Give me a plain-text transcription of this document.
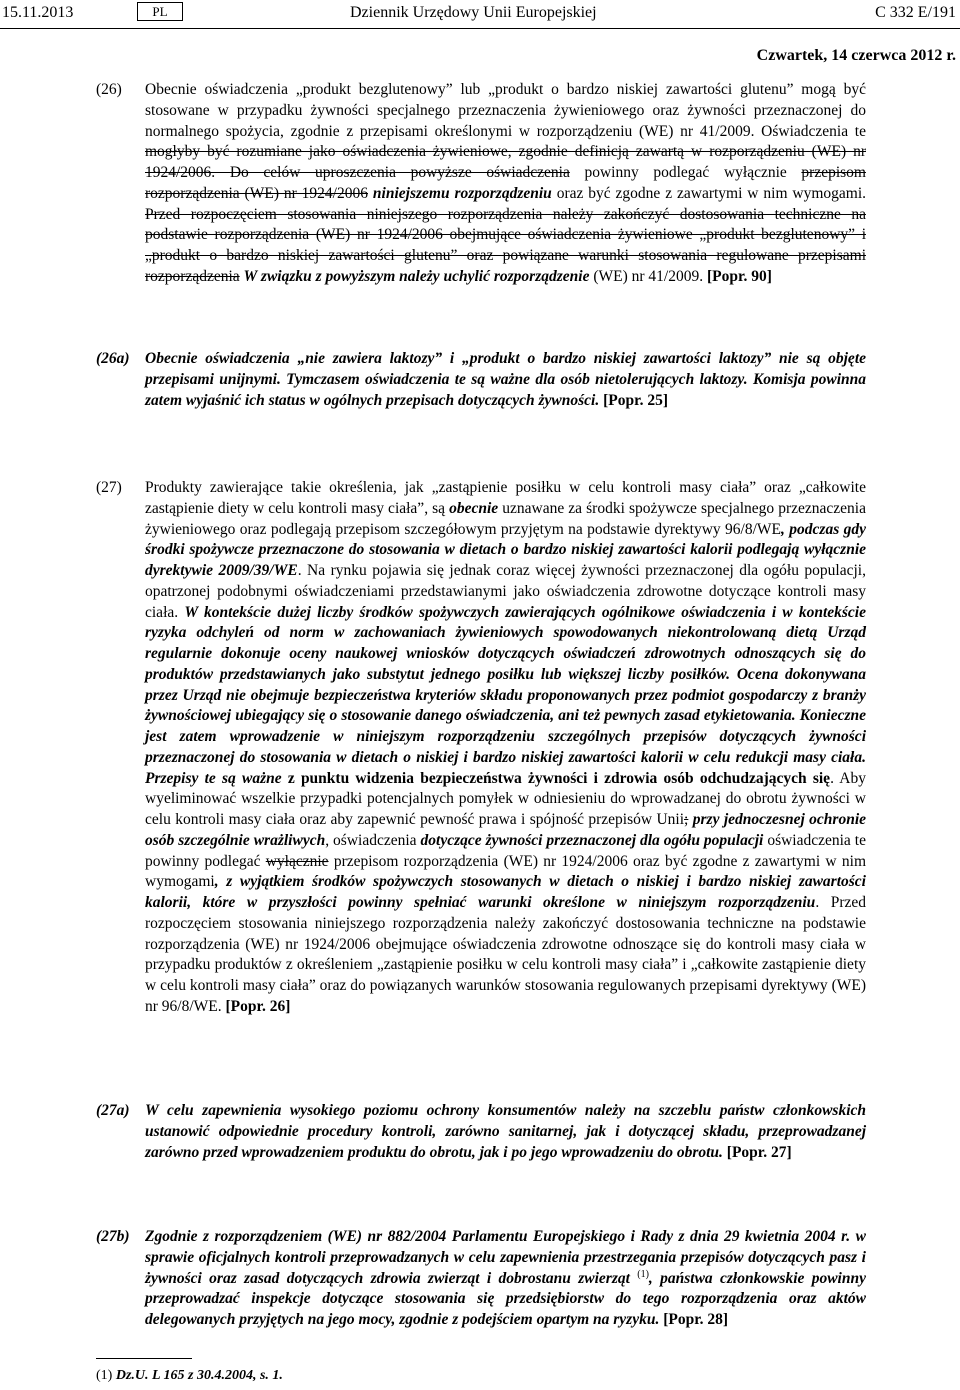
15.11.2013	PL	Dziennik Urzędowy Unii Europejskiej	C 332 E/191
Czwartek, 14 czerwca 2012 r.
(26) Obecnie oświadczenia „produkt bezglutenowy” lub „produkt o bardzo niskiej zawartości glutenu” mogą być stosowane w przypadku żywności specjalnego przeznaczenia żywieniowego oraz żywności przeznaczonej do normalnego spożycia, zgodnie z przepisami określonymi w rozporządzeniu (WE) nr 41/2009. Oświadczenia te mogłyby być rozumiane jako oświadczenia żywieniowe, zgodnie definicją zawartą w rozporządzeniu (WE) nr 1924/2006. Do celów uproszczenia powyższe oświadczenia powinny podlegać wyłącznie przepisom rozporządzenia (WE) nr 1924/2006 niniejszemu rozporządzeniu oraz być zgodne z zawartymi w nim wymogami. Przed rozpoczęciem stosowania niniejszego rozporządzenia należy zakończyć dostosowania techniczne na podstawie rozporządzenia (WE) nr 1924/2006 obejmujące oświadczenia żywieniowe „produkt bezglutenowy” i „produkt o bardzo niskiej zawartości glutenu” oraz powiązane warunki stosowania regulowane przepisami rozporządzenia W związku z powyższym należy uchylić rozporządzenie (WE) nr 41/2009. [Popr. 90]
(26a) Obecnie oświadczenia „nie zawiera laktozy” i „produkt o bardzo niskiej zawartości laktozy” nie są objęte przepisami unijnymi. Tymczasem oświadczenia te są ważne dla osób nietolerujących laktozy. Komisja powinna zatem wyjaśnić ich status w ogólnych przepisach dotyczących żywności. [Popr. 25]
(27) Produkty zawierające takie określenia, jak „zastąpienie posiłku w celu kontroli masy ciała” oraz „całkowite zastąpienie diety w celu kontroli masy ciała”, są obecnie uznawane za środki spożywcze specjalnego przeznaczenia żywieniowego oraz podlegają przepisom szczegółowym przyjętym na podstawie dyrektywy 96/8/WE, podczas gdy środki spożywcze przeznaczone do stosowania w dietach o bardzo niskiej zawartości kalorii podlegają wyłącznie dyrektywie 2009/39/WE. Na rynku pojawia się jednak coraz więcej żywności przeznaczonej dla ogółu populacji, opatrzonej podobnymi oświadczeniami przedstawianymi jako oświadczenia zdrowotne dotyczące kontroli masy ciała. W kontekście dużej liczby środków spożywczych zawierających ogólnikowe oświadczenia i w kontekście ryzyka odchyleń od norm w zachowaniach żywieniowych spowodowanych niekontrolowaną dietą Urząd regularnie dokonuje oceny naukowej wniosków dotyczących oświadczeń zdrowotnych odnoszących się do produktów przedstawianych jako substytut jednego posiłku lub większej liczby posiłków. Ocena dokonywana przez Urząd nie obejmuje bezpieczeństwa kryteriów składu proponowanych przez podmiot gospodarczy z branży żywnościowej ubiegający się o stosowanie danego oświadczenia, ani też pewnych zasad etykietowania. Konieczne jest zatem wprowadzenie w niniejszym rozporządzeniu szczególnych przepisów dotyczących żywności przeznaczonej do stosowania w dietach o niskiej i bardzo niskiej zawartości kalorii w celu redukcji masy ciała. Przepisy te są ważne z punktu widzenia bezpieczeństwa żywności i zdrowia osób odchudzających się. Aby wyeliminować wszelkie przypadki potencjalnych pomyłek w odniesieniu do wprowadzanej do obrotu żywności w celu kontroli masy ciała oraz aby zapewnić pewność prawa i spójność przepisów Unii; przy jednoczesnej ochronie osób szczególnie wrażliwych, oświadczenia dotyczące żywności przeznaczonej dla ogółu populacji oświadczenia te powinny podlegać wyłącznie przepisom rozporządzenia (WE) nr 1924/2006 oraz być zgodne z zawartymi w nim wymogami, z wyjątkiem środków spożywczych stosowanych w dietach o niskiej i bardzo niskiej zawartości kalorii, które w przyszłości powinny spełniać warunki określone w niniejszym rozporządzeniu. Przed rozpoczęciem stosowania niniejszego rozporządzenia należy zakończyć dostosowania techniczne na podstawie rozporządzenia (WE) nr 1924/2006 obejmujące oświadczenia zdrowotne odnoszące się do kontroli masy ciała w przypadku produktów z określeniem „zastąpienie posiłku w celu kontroli masy ciała” i „całkowite zastąpienie diety w celu kontroli masy ciała” oraz do powiązanych warunków stosowania regulowanych przepisami dyrektywy (WE) nr 96/8/WE. [Popr. 26]
(27a) W celu zapewnienia wysokiego poziomu ochrony konsumentów należy na szczeblu państw członkowskich ustanowić odpowiednie procedury kontroli, zarówno sanitarnej, jak i dotyczącej składu, przeprowadzanej zarówno przed wprowadzeniem produktu do obrotu, jak i po jego wprowadzeniu do obrotu. [Popr. 27]
(27b) Zgodnie z rozporządzeniem (WE) nr 882/2004 Parlamentu Europejskiego i Rady z dnia 29 kwietnia 2004 r. w sprawie oficjalnych kontroli przeprowadzanych w celu zapewnienia przestrzegania przepisów dotyczących pasz i żywności oraz zasad dotyczących zdrowia zwierząt i dobrostanu zwierząt $^{(1)}$, państwa członkowskie powinny przeprowadzać inspekcje dotyczące stosowania się przedsiębiorstw do tego rozporządzenia oraz aktów delegowanych przyjętych na jego mocy, zgodnie z podejściem opartym na ryzyku. [Popr. 28]
(1) Dz.U. L 165 z 30.4.2004, s. 1.
